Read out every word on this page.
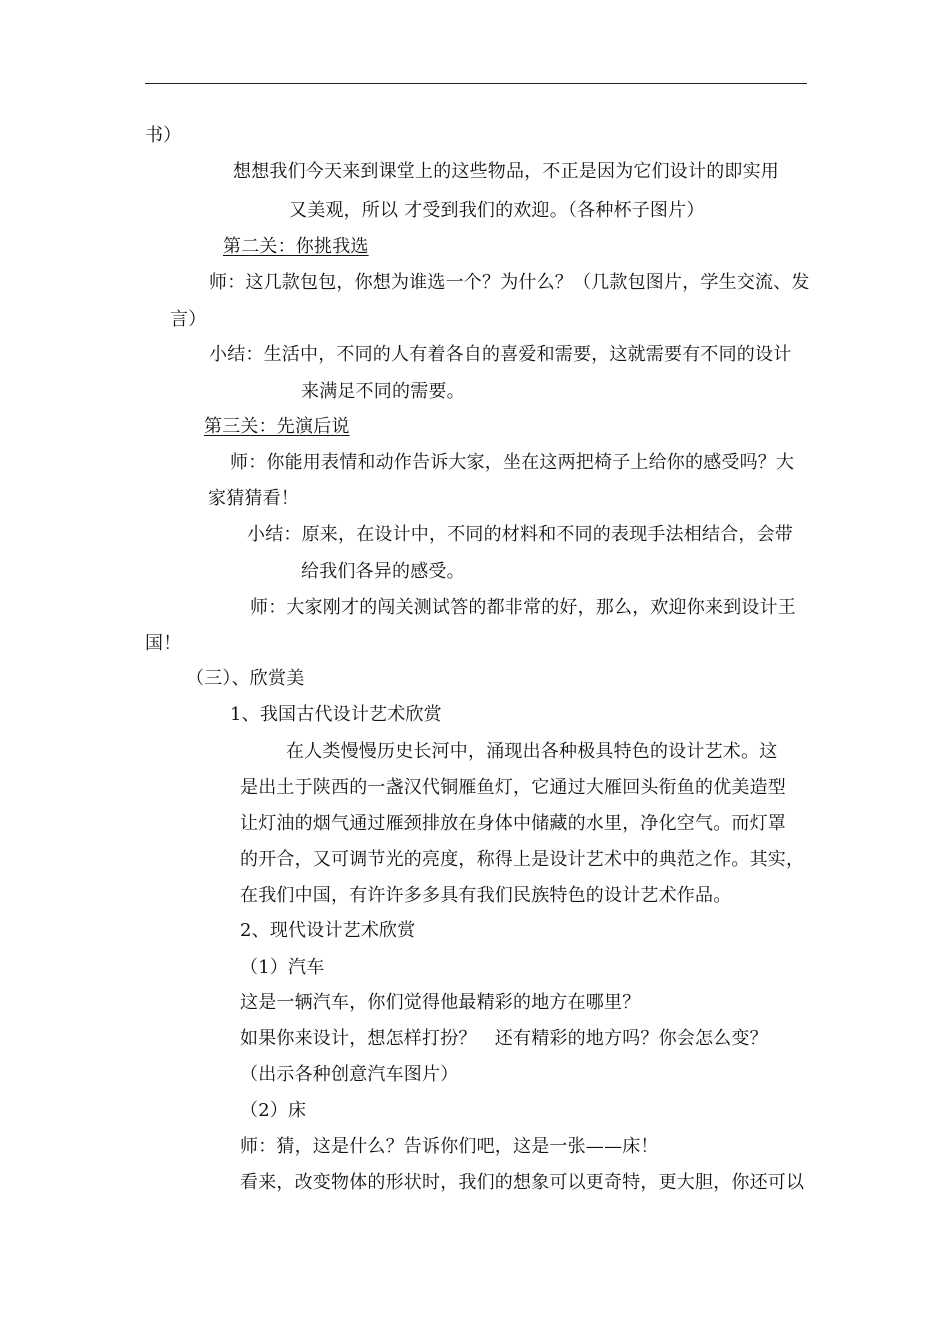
书）
想想我们今天来到课堂上的这些物品，不正是因为它们设计的即实用
又美观，所以 才受到我们的欢迎。（各种杯子图片）
第二关：你挑我选
师：这几款包包，你想为谁选一个？为什么？（几款包图片，学生交流、发
言）
小结：生活中，不同的人有着各自的喜爱和需要，这就需要有不同的设计
来满足不同的需要。
第三关：先演后说
师：你能用表情和动作告诉大家，坐在这两把椅子上给你的感受吗？大
家猜猜看！
小结：原来，在设计中，不同的材料和不同的表现手法相结合，会带
给我们各异的感受。
师：大家刚才的闯关测试答的都非常的好，那么，欢迎你来到设计王
国！
（三）、欣赏美
1、我国古代设计艺术欣赏
在人类慢慢历史长河中，涌现出各种极具特色的设计艺术。这
是出土于陕西的一盏汉代铜雁鱼灯，它通过大雁回头衔鱼的优美造型
让灯油的烟气通过雁颈排放在身体中储藏的水里，净化空气。而灯罩
的开合，又可调节光的亮度，称得上是设计艺术中的典范之作。其实，
在我们中国，有许许多多具有我们民族特色的设计艺术作品。
2、现代设计艺术欣赏
（1）汽车
这是一辆汽车，你们觉得他最精彩的地方在哪里？
如果你来设计，想怎样打扮？　还有精彩的地方吗？你会怎么变？
（出示各种创意汽车图片）
（2）床
师：猜，这是什么？告诉你们吧，这是一张——床！
看来，改变物体的形状时，我们的想象可以更奇特，更大胆，你还可以
